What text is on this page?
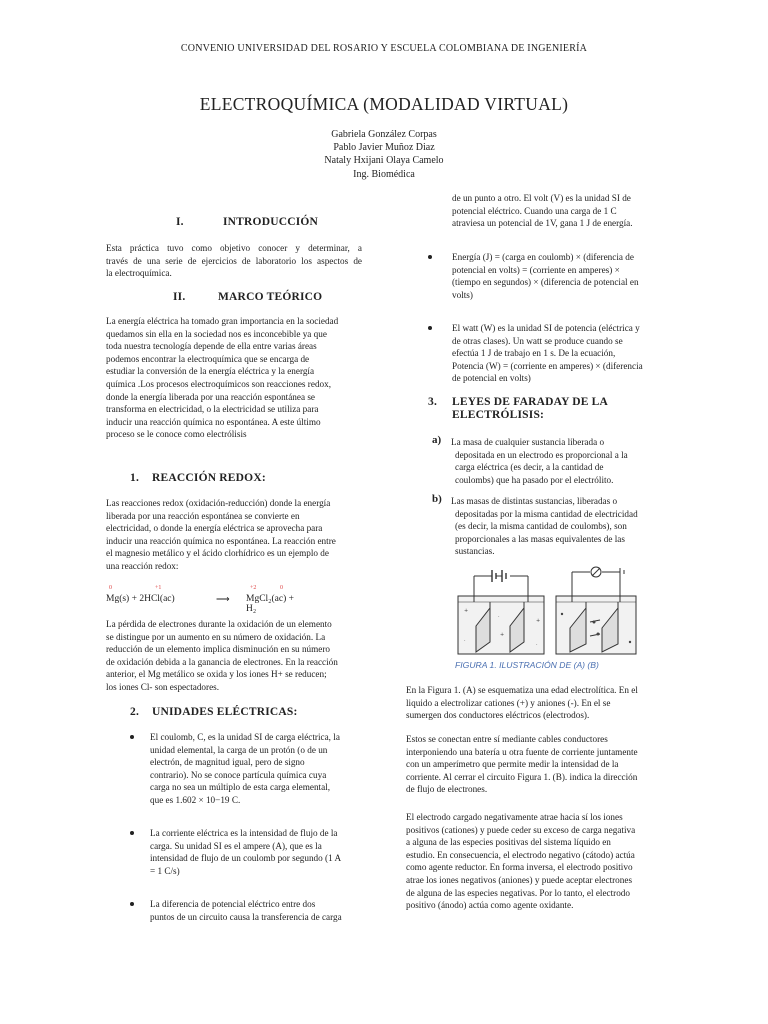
CONVENIO UNIVERSIDAD DEL ROSARIO Y ESCUELA COLOMBIANA DE INGENIERÍA
ELECTROQUÍMICA (MODALIDAD VIRTUAL)
Gabriela González Corpas
Pablo Javier Muñoz Diaz
Nataly Hxijani Olaya Camelo
Ing. Biomédica
I.	INTRODUCCIÓN
Esta práctica tuvo como objetivo conocer y determinar, a
través de una serie de ejercicios de laboratorio los aspectos de
la electroquímica.
II.	MARCO TEÓRICO
La energía eléctrica ha tomado gran importancia en la sociedad
quedamos sin ella en la sociedad nos es inconcebible ya que
toda nuestra tecnología depende de ella entre varias áreas
podemos encontrar la electroquímica que se encarga de
estudiar la conversión de la energía eléctrica y la energía
química .Los procesos electroquímicos son reacciones redox,
donde la energía liberada por una reacción espontánea se
transforma en electricidad, o la electricidad se utiliza para
inducir una reacción química no espontánea. A este último
proceso se le conoce como electrólisis
1. REACCIÓN REDOX:
Las reacciones redox (oxidación-reducción) donde la energía
liberada por una reacción espontánea se convierte en
electricidad, o donde la energía eléctrica se aprovecha para
inducir una reacción química no espontánea. La reacción entre
el magnesio metálico y el ácido clorhídrico es un ejemplo de
una reacción redox:
0	+1	+2	0
Mg(s) + 2HCl(ac)	⟶ MgCl₂(ac) + H₂
La pérdida de electrones durante la oxidación de un elemento
se distingue por un aumento en su número de oxidación. La
reducción de un elemento implica disminución en su número
de oxidación debida a la ganancia de electrones. En la reacción
anterior, el Mg metálico se oxida y los iones H+ se reducen;
los iones Cl- son espectadores.
2. UNIDADES ELÉCTRICAS:
El coulomb, C, es la unidad SI de carga eléctrica, la
unidad elemental, la carga de un protón (o de un
electrón, de magnitud igual, pero de signo
contrario). No se conoce partícula química cuya
carga no sea un múltiplo de esta carga elemental,
que es 1.602 × 10−19 C.
La corriente eléctrica es la intensidad de flujo de la
carga. Su unidad SI es el ampere (A), que es la
intensidad de flujo de un coulomb por segundo (1 A
= 1 C/s)
La diferencia de potencial eléctrico entre dos
puntos de un circuito causa la transferencia de carga
de un punto a otro. El volt (V) es la unidad SI de
potencial eléctrico. Cuando una carga de 1 C
atraviesa un potencial de 1V, gana 1 J de energía.
Energía (J) = (carga en coulomb) × (diferencia de
potencial en volts) = (corriente en amperes) ×
(tiempo en segundos) × (diferencia de potencial en
volts)
El watt (W) es la unidad SI de potencia (eléctrica y
de otras clases). Un watt se produce cuando se
efectúa 1 J de trabajo en 1 s. De la ecuación,
Potencia (W) = (corriente en amperes) × (diferencia
de potencial en volts)
3. LEYES DE FARADAY DE LA
ELECTRÓLISIS:
a) La masa de cualquier sustancia liberada o
depositada en un electrodo es proporcional a la
carga eléctrica (es decir, a la cantidad de
coulombs) que ha pasado por el electrólito.
b) Las masas de distintas sustancias, liberadas o
depositadas por la misma cantidad de electricidad
(es decir, la misma cantidad de coulombs), son
proporcionales a las masas equivalentes de las
sustancias.
+
·
+
·
+
·
FIGURA 1. ILUSTRACIÓN DE (A) (B)
En la Figura 1. (A) se esquematiza una edad electrolítica. En el
liquido a electrolizar cationes (+) y aniones (-). En el se
sumergen dos conductores eléctricos (electrodos).
Estos se conectan entre sí mediante cables conductores
interponiendo una batería u otra fuente de corriente juntamente
con un amperímetro que permite medir la intensidad de la
corriente. Al cerrar el circuito Figura 1. (B). indica la dirección
de flujo de electrones.
El electrodo cargado negativamente atrae hacia sí los iones
positivos (cationes) y puede ceder su exceso de carga negativa
a alguna de las especies positivas del sistema líquido en
estudio. En consecuencia, el electrodo negativo (cátodo) actúa
como agente reductor. En forma inversa, el electrodo positivo
atrae los iones negativos (aniones) y puede aceptar electrones
de alguna de las especies negativas. Por lo tanto, el electrodo
positivo (ánodo) actúa como agente oxidante.
